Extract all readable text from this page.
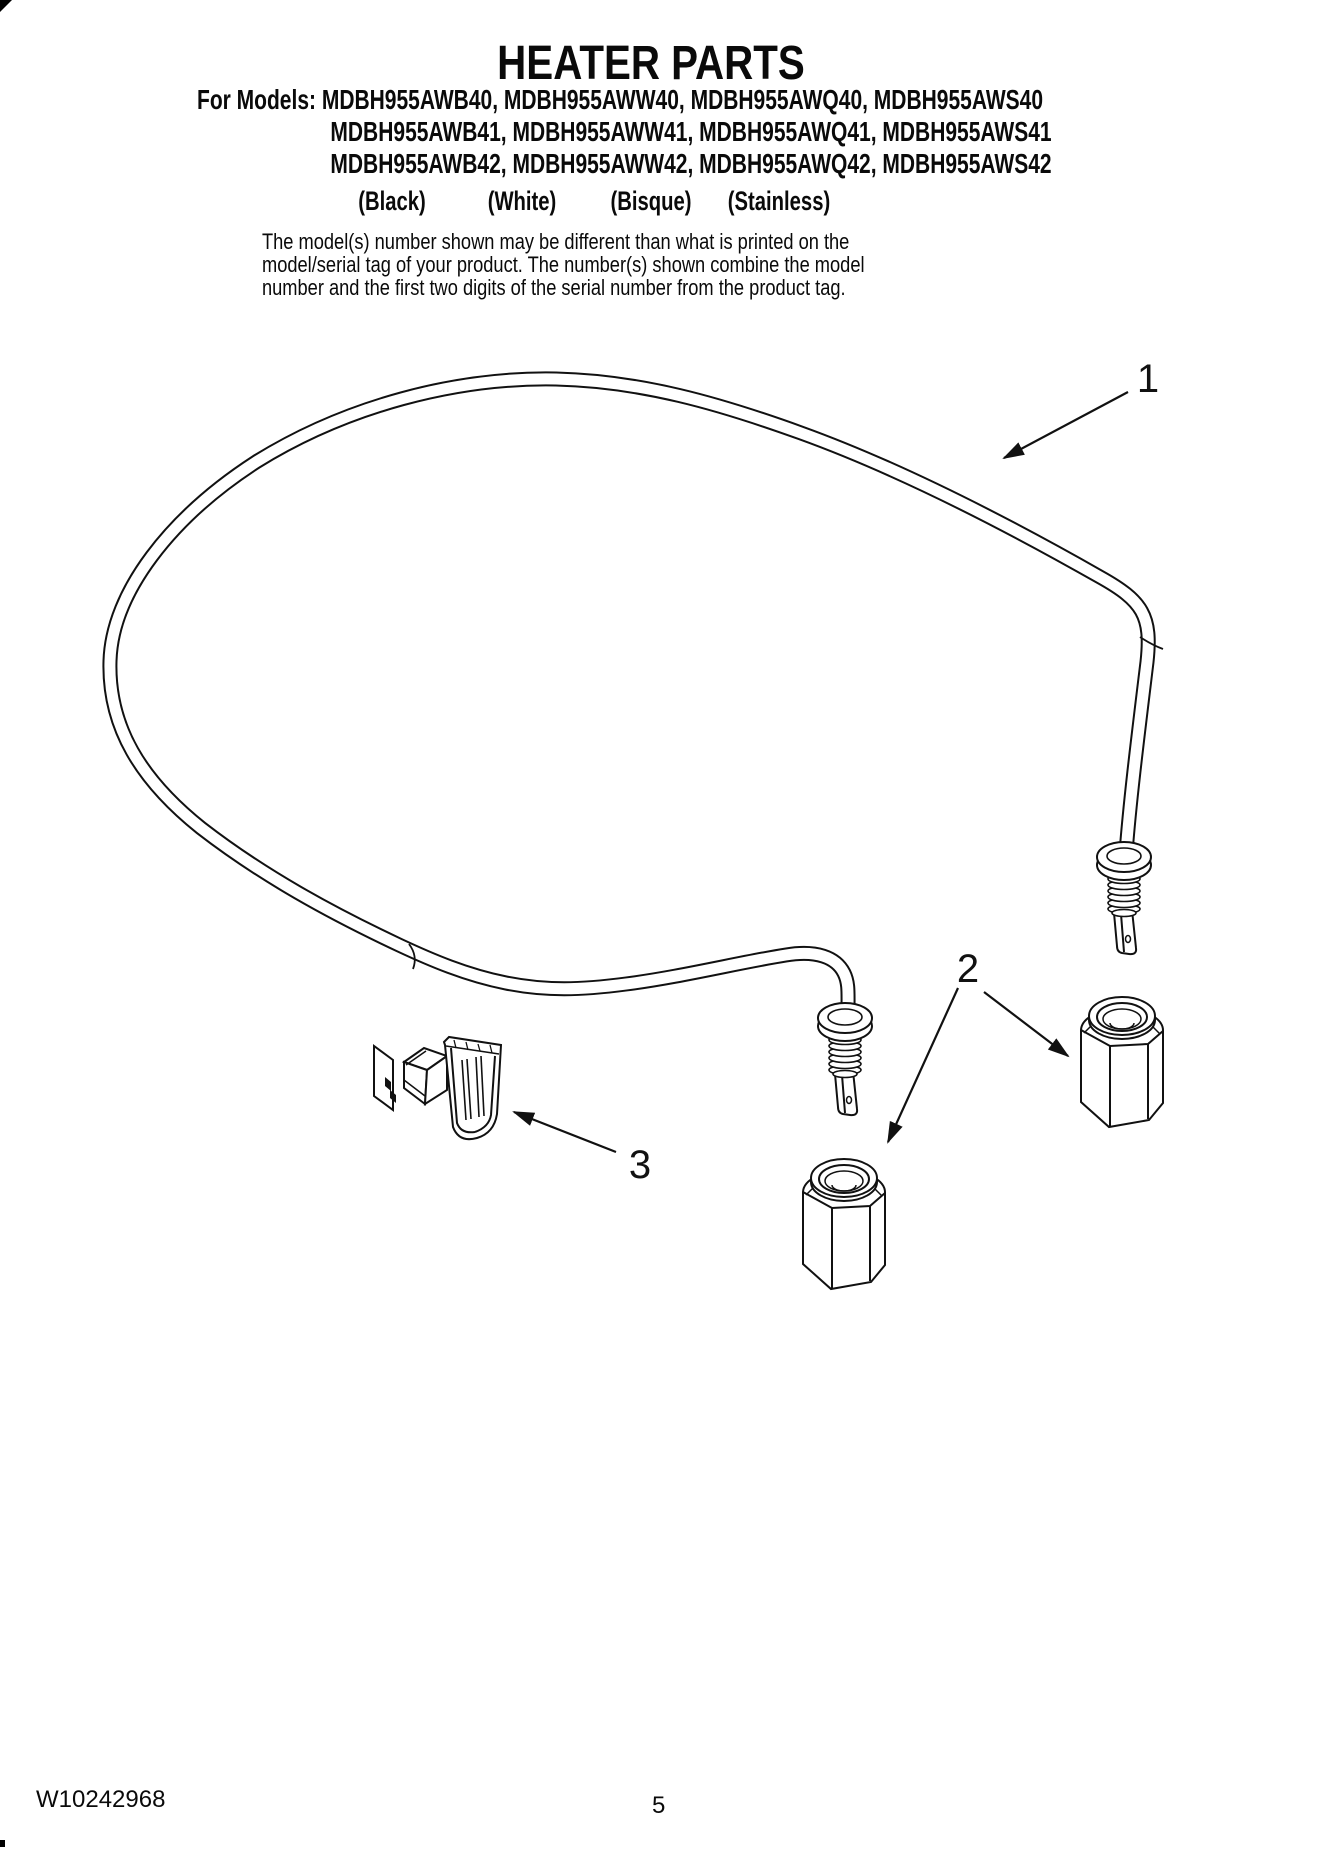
HEATER PARTS
For Models: MDBH955AWB40, MDBH955AWW40, MDBH955AWQ40, MDBH955AWS40
MDBH955AWB41, MDBH955AWW41, MDBH955AWQ41, MDBH955AWS41
MDBH955AWB42, MDBH955AWW42, MDBH955AWQ42, MDBH955AWS42
(Black) (White) (Bisque) (Stainless)
The model(s) number shown may be different than what is printed on the
model/serial tag of your product. The number(s) shown combine the model
number and the first two digits of the serial number from the product tag.
1
2
3
W10242968	5
